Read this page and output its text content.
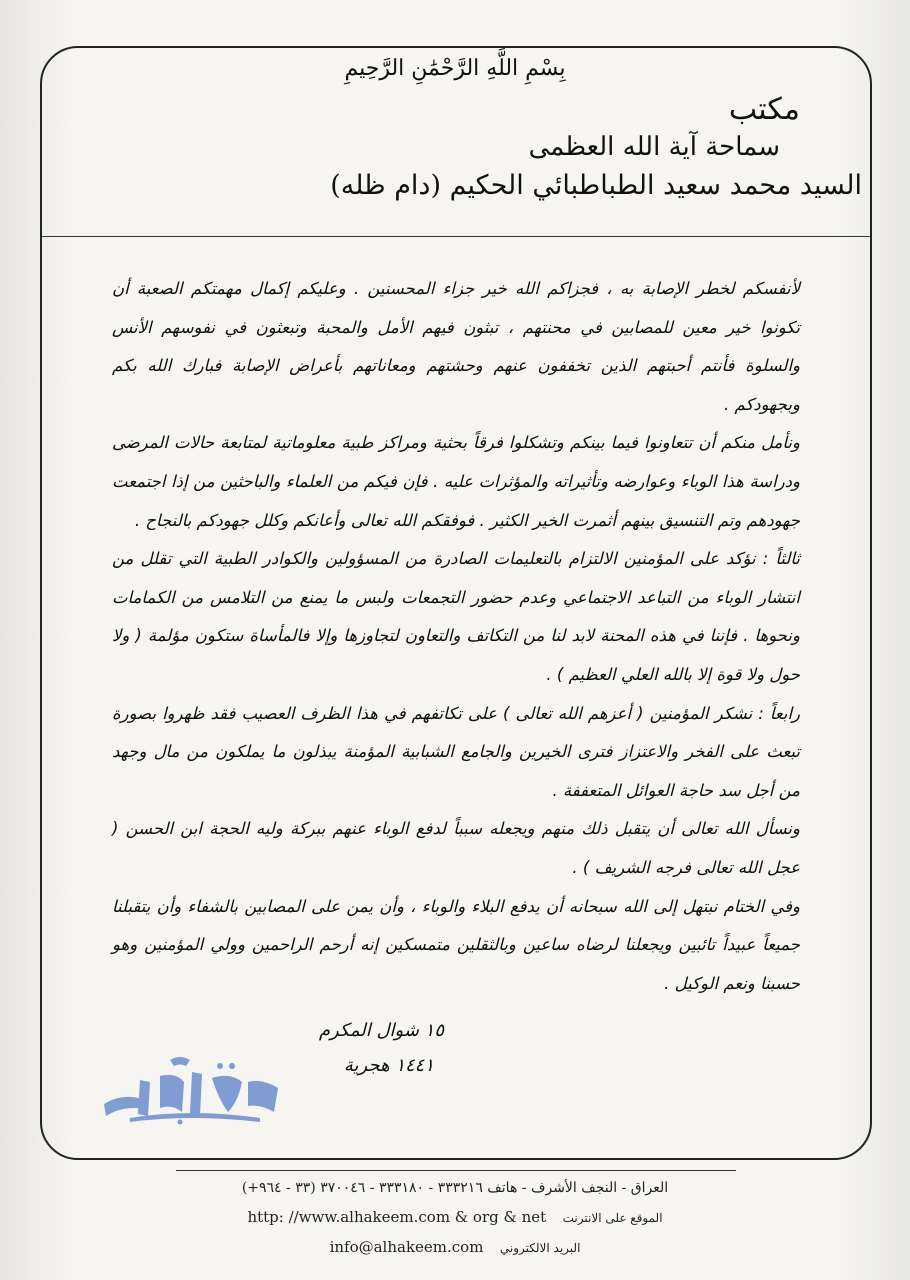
بِسْمِ اللَّهِ الرَّحْمَٰنِ الرَّحِيمِ
مكتب
سماحة آية الله العظمى
السيد محمد سعيد الطباطبائي الحكيم (دام ظله)

لأنفسكم لخطر الإصابة به ، فجزاكم الله خير جزاء المحسنين . وعليكم إكمال مهمتكم الصعبة أن تكونوا خير معين للمصابين في محنتهم ، تبثون فيهم الأمل والمحبة وتبعثون في نفوسهم الأنس والسلوة فأنتم أحبتهم الذين تخففون عنهم وحشتهم ومعاناتهم بأعراض الإصابة فبارك الله بكم وبجهودكم .

ونأمل منكم أن تتعاونوا فيما بينكم وتشكلوا فرقاً بحثية ومراكز طبية معلوماتية لمتابعة حالات المرضى ودراسة هذا الوباء وعوارضه وتأثيراته والمؤثرات عليه . فإن فيكم من العلماء والباحثين من إذا اجتمعت جهودهم وتم التنسيق بينهم أثمرت الخير الكثير . فوفقكم الله تعالى وأعانكم وكلل جهودكم بالنجاح .

ثالثاً : نؤكد على المؤمنين الالتزام بالتعليمات الصادرة من المسؤولين والكوادر الطبية التي تقلل من انتشار الوباء من التباعد الاجتماعي وعدم حضور التجمعات ولبس ما يمنع من التلامس من الكمامات ونحوها . فإننا في هذه المحنة لابد لنا من التكاتف والتعاون لتجاوزها وإلا فالمأساة ستكون مؤلمة ( ولا حول ولا قوة إلا بالله العلي العظيم ) .

رابعاً : نشكر المؤمنين ( أعزهم الله تعالى ) على تكاتفهم في هذا الظرف العصيب فقد ظهروا بصورة تبعث على الفخر والاعتزاز فترى الخيرين والجامع الشبابية المؤمنة يبذلون ما يملكون من مال وجهد من أجل سد حاجة العوائل المتعففة .

ونسأل الله تعالى أن يتقبل ذلك منهم ويجعله سبباً لدفع الوباء عنهم ببركة وليه الحجة ابن الحسن ( عجل الله تعالى فرجه الشريف ) .

وفي الختام نبتهل إلى الله سبحانه أن يدفع البلاء والوباء ، وأن يمن على المصابين بالشفاء وأن يتقبلنا جميعاً عبيداً تائبين ويجعلنا لرضاه ساعين وبالثقلين متمسكين إنه أرحم الراحمين وولي المؤمنين وهو حسبنا ونعم الوكيل .

١٥ شوال المكرم
١٤٤١ هجرية
العراق - النجف الأشرف - هاتف ٣٣٣٢١٦ - ٣٣٣١٨٠ - ٣٧٠٠٤٦ (٣٣ - ٩٦٤+)
http: //www.alhakeem.com & org & net الموقع على الانترنت
info@alhakeem.com البريد الالكتروني
